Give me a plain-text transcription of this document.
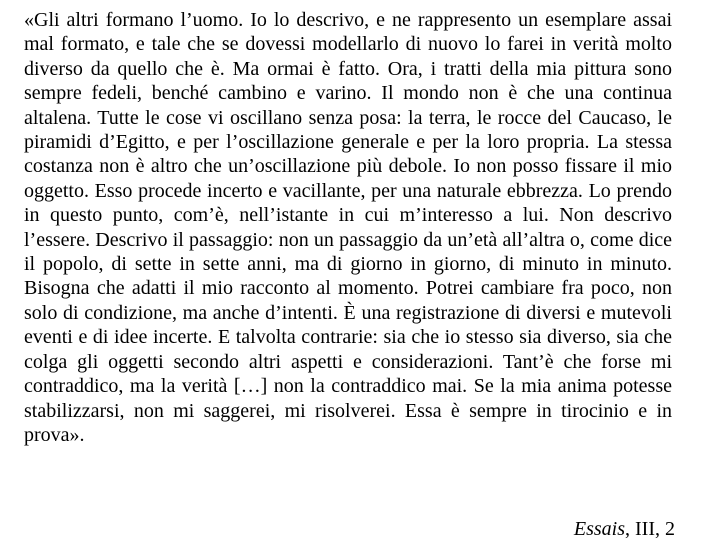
«Gli altri formano l’uomo. Io lo descrivo, e ne rappresento un esemplare assai mal formato, e tale che se dovessi modellarlo di nuovo lo farei in verità molto diverso da quello che è. Ma ormai è fatto. Ora, i tratti della mia pittura sono sempre fedeli, benché cambino e varino. Il mondo non è che una continua altalena. Tutte le cose vi oscillano senza posa: la terra, le rocce del Caucaso, le piramidi d’Egitto, e per l’oscillazione generale e per la loro propria. La stessa costanza non è altro che un’oscillazione più debole. Io non posso fissare il mio oggetto. Esso procede incerto e vacillante, per una naturale ebbrezza. Lo prendo in questo punto, com’è, nell’istante in cui m’interesso a lui. Non descrivo l’essere. Descrivo il passaggio: non un passaggio da un’età all’altra o, come dice il popolo, di sette in sette anni, ma di giorno in giorno, di minuto in minuto. Bisogna che adatti il mio racconto al momento. Potrei cambiare fra poco, non solo di condizione, ma anche d’intenti. È una registrazione di diversi e mutevoli eventi e di idee incerte. E talvolta contrarie: sia che io stesso sia diverso, sia che colga gli oggetti secondo altri aspetti e considerazioni. Tant’è che forse mi contraddico, ma la verità […] non la contraddico mai. Se la mia anima potesse stabilizzarsi, non mi saggerei, mi risolverei. Essa è sempre in tirocinio e in prova».

Essais, III, 2
